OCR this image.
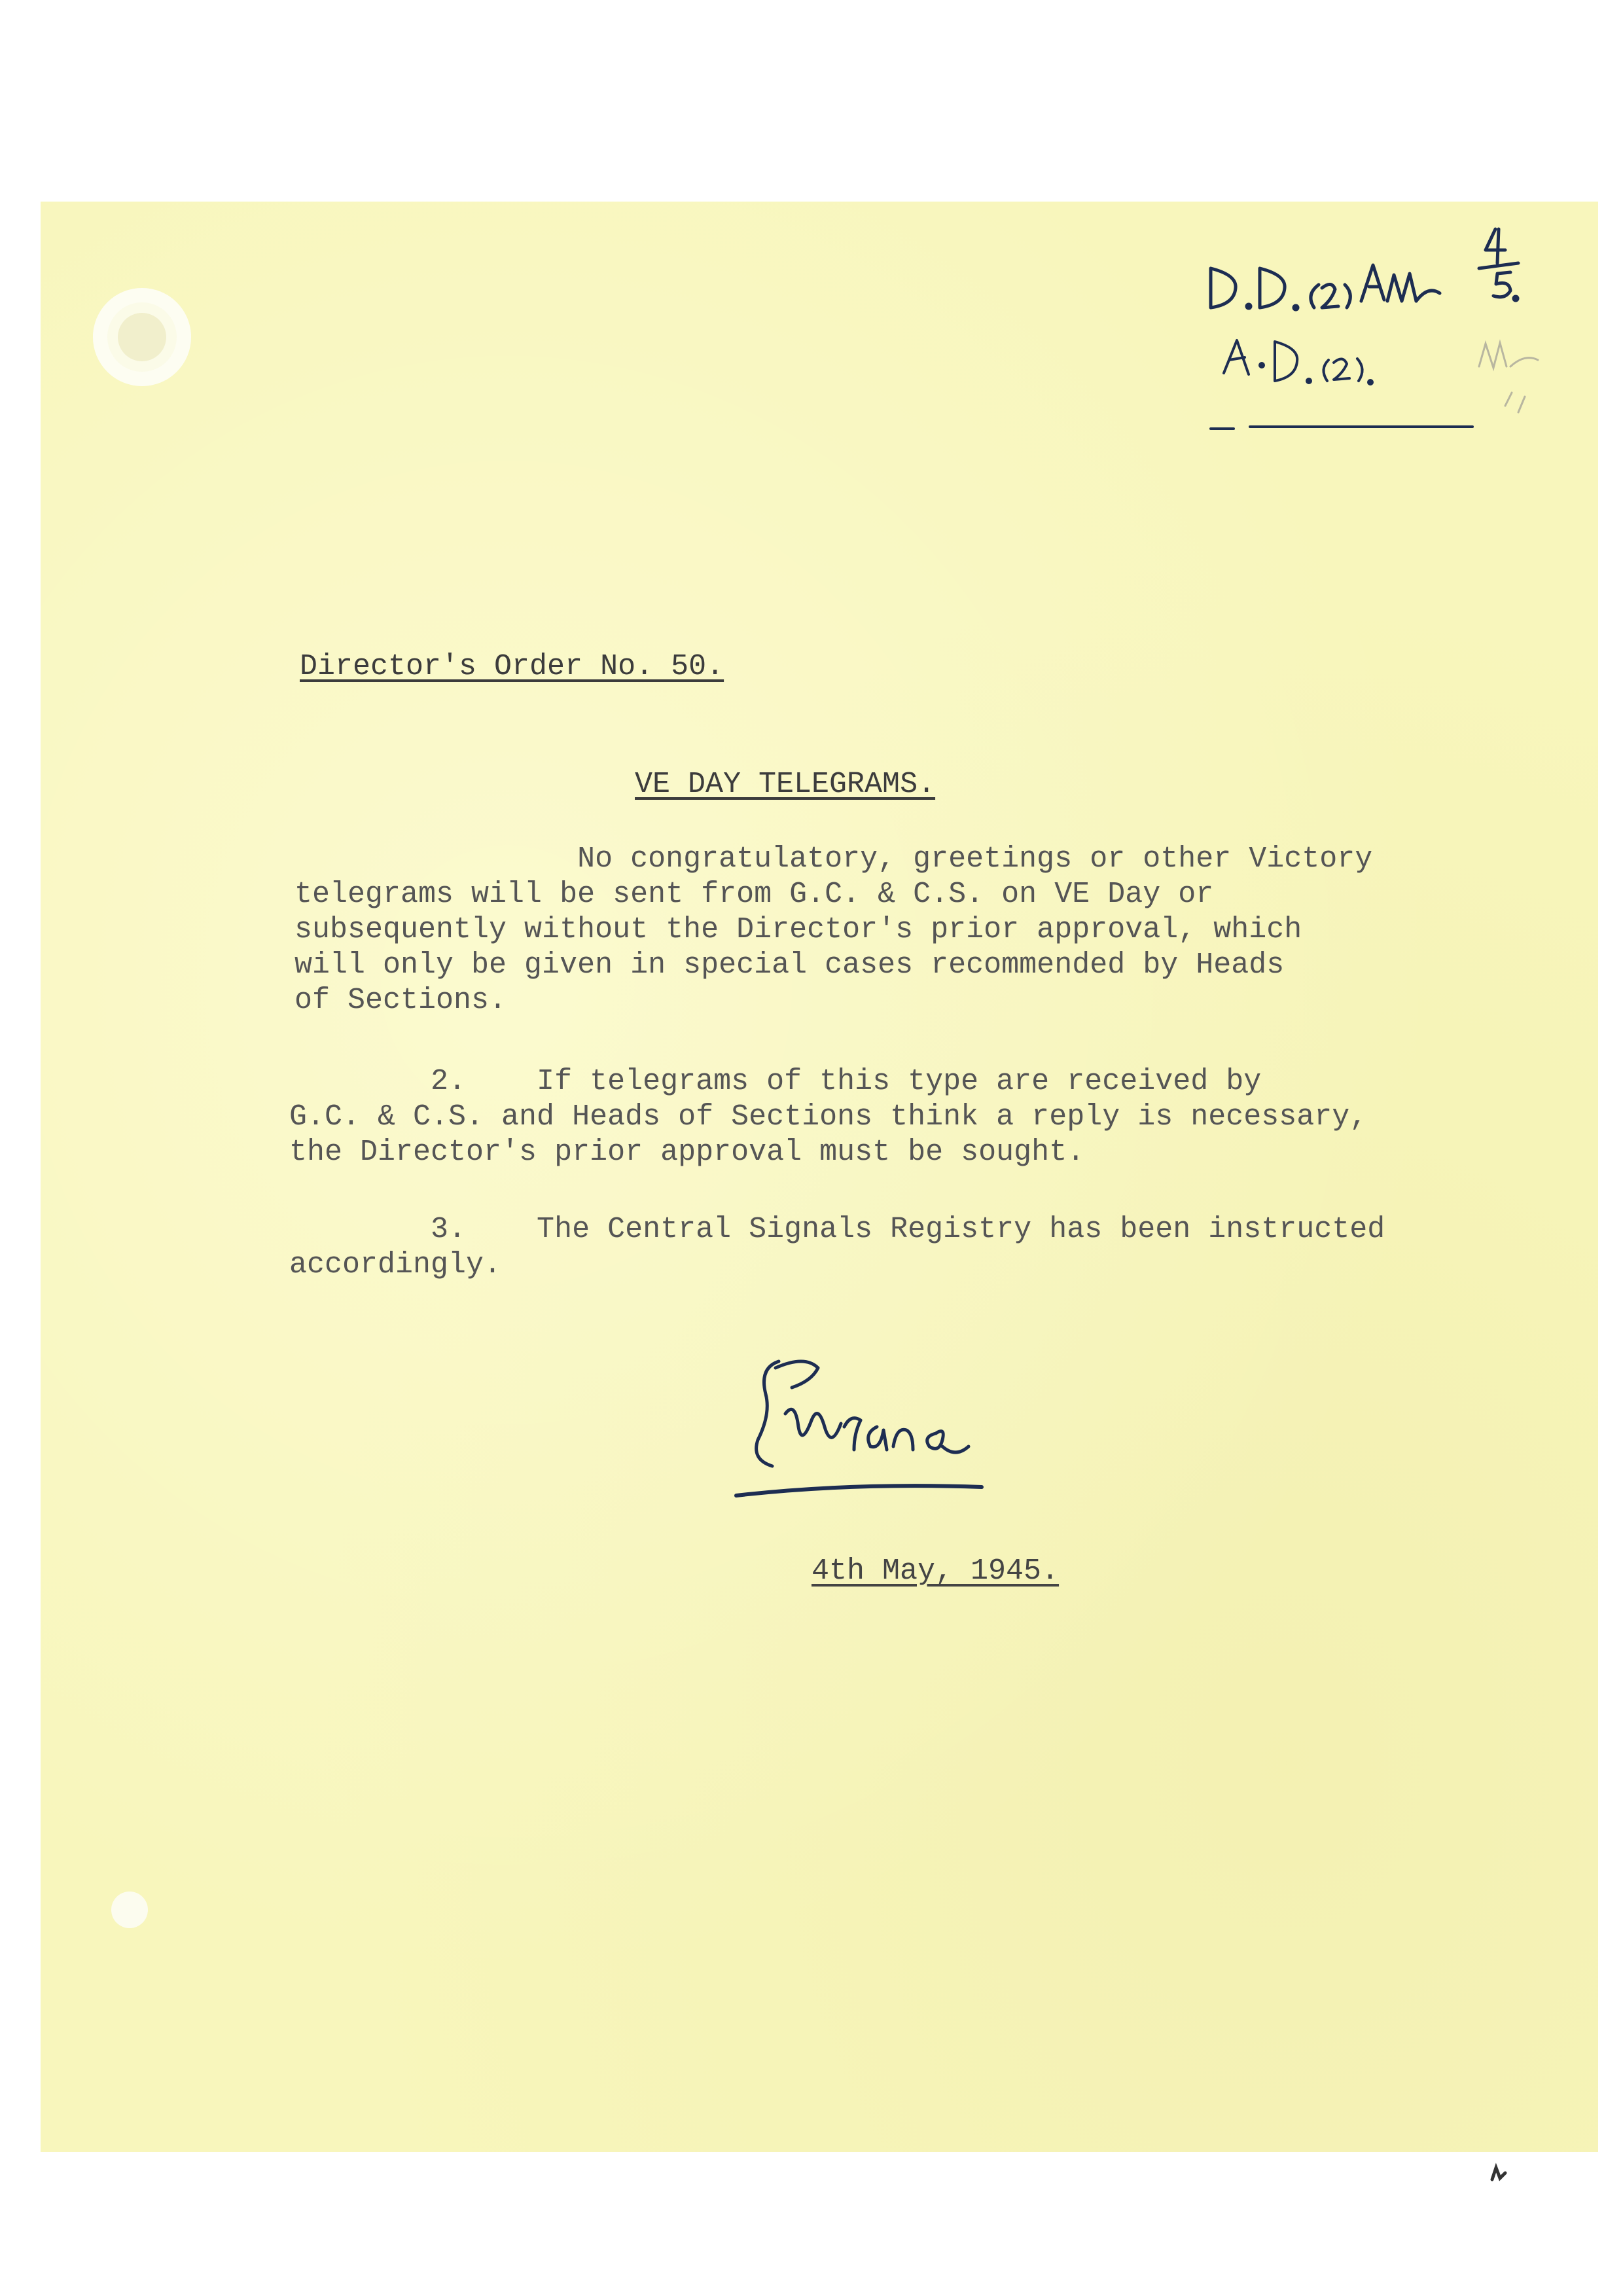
Director's Order No. 50.

VE DAY TELEGRAMS.

No congratulatory, greetings or other Victory
telegrams will be sent from G.C. & C.S. on VE Day or
subsequently without the Director's prior approval, which
will only be given in special cases recommended by Heads
of Sections.
2.    If telegrams of this type are received by
G.C. & C.S. and Heads of Sections think a reply is necessary,
the Director's prior approval must be sought.
3.    The Central Signals Registry has been instructed
accordingly.

4th May, 1945.
